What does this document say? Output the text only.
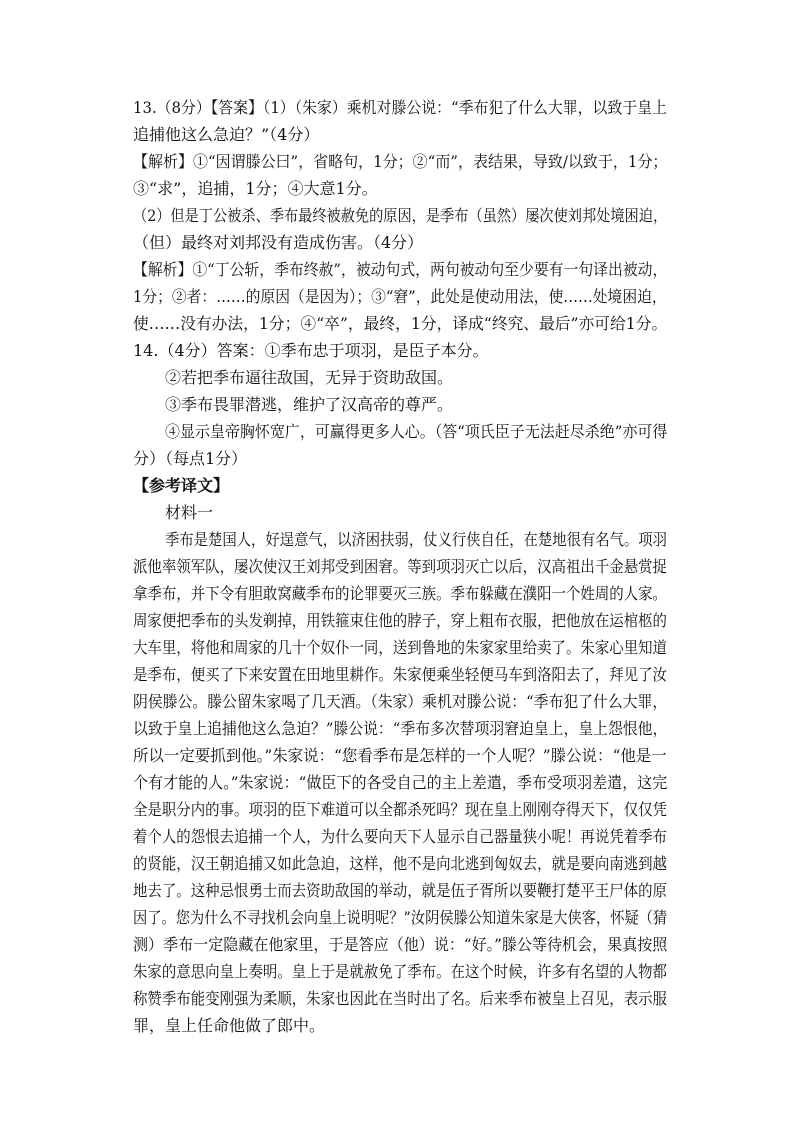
13.（8分）【答案】（1）（朱家）乘机对滕公说：“季布犯了什么大罪，以致于皇上
追捕他这么急迫？”（4分）
【解析】①“因谓滕公曰”，省略句，1分；②“而”，表结果，导致/以致于，1分；
③“求”，追捕，1分；④大意1分。
（2）但是丁公被杀、季布最终被赦免的原因，是季布（虽然）屡次使刘邦处境困迫，
（但）最终对刘邦没有造成伤害。（4分）
【解析】①“丁公斩，季布终赦”，被动句式，两句被动句至少要有一句译出被动，
1分；②者：……的原因（是因为）；③“窘”，此处是使动用法，使……处境困迫，
使……没有办法，1分；④“卒”，最终，1分，译成“终究、最后”亦可给1分。
14.（4分）答案：①季布忠于项羽，是臣子本分。
②若把季布逼往敌国，无异于资助敌国。
③季布畏罪潜逃，维护了汉高帝的尊严。
④显示皇帝胸怀宽广，可赢得更多人心。（答“项氏臣子无法赶尽杀绝”亦可得
分）（每点1分）
【参考译文】
材料一
季布是楚国人，好逞意气，以济困扶弱，仗义行侠自任，在楚地很有名气。项羽
派他率领军队，屡次使汉王刘邦受到困窘。等到项羽灭亡以后，汉高祖出千金悬赏捉
拿季布，并下令有胆敢窝藏季布的论罪要灭三族。季布躲藏在濮阳一个姓周的人家。
周家便把季布的头发剃掉，用铁箍束住他的脖子，穿上粗布衣服，把他放在运棺柩的
大车里，将他和周家的几十个奴仆一同，送到鲁地的朱家家里给卖了。朱家心里知道
是季布，便买了下来安置在田地里耕作。朱家便乘坐轻便马车到洛阳去了，拜见了汝
阴侯滕公。滕公留朱家喝了几天酒。（朱家）乘机对滕公说：“季布犯了什么大罪，
以致于皇上追捕他这么急迫？”滕公说：“季布多次替项羽窘迫皇上，皇上怨恨他，
所以一定要抓到他。”朱家说：“您看季布是怎样的一个人呢？”滕公说：“他是一
个有才能的人。”朱家说：“做臣下的各受自己的主上差遣，季布受项羽差遣，这完
全是职分内的事。项羽的臣下难道可以全都杀死吗？现在皇上刚刚夺得天下，仅仅凭
着个人的怨恨去追捕一个人，为什么要向天下人显示自己器量狭小呢！再说凭着季布
的贤能，汉王朝追捕又如此急迫，这样，他不是向北逃到匈奴去，就是要向南逃到越
地去了。这种忌恨勇士而去资助敌国的举动，就是伍子胥所以要鞭打楚平王尸体的原
因了。您为什么不寻找机会向皇上说明呢？”汝阴侯滕公知道朱家是大侠客，怀疑（猜
测）季布一定隐藏在他家里，于是答应（他）说：“好。”滕公等待机会，果真按照
朱家的意思向皇上奏明。皇上于是就赦免了季布。在这个时候，许多有名望的人物都
称赞季布能变刚强为柔顺，朱家也因此在当时出了名。后来季布被皇上召见，表示服
罪，皇上任命他做了郎中。
